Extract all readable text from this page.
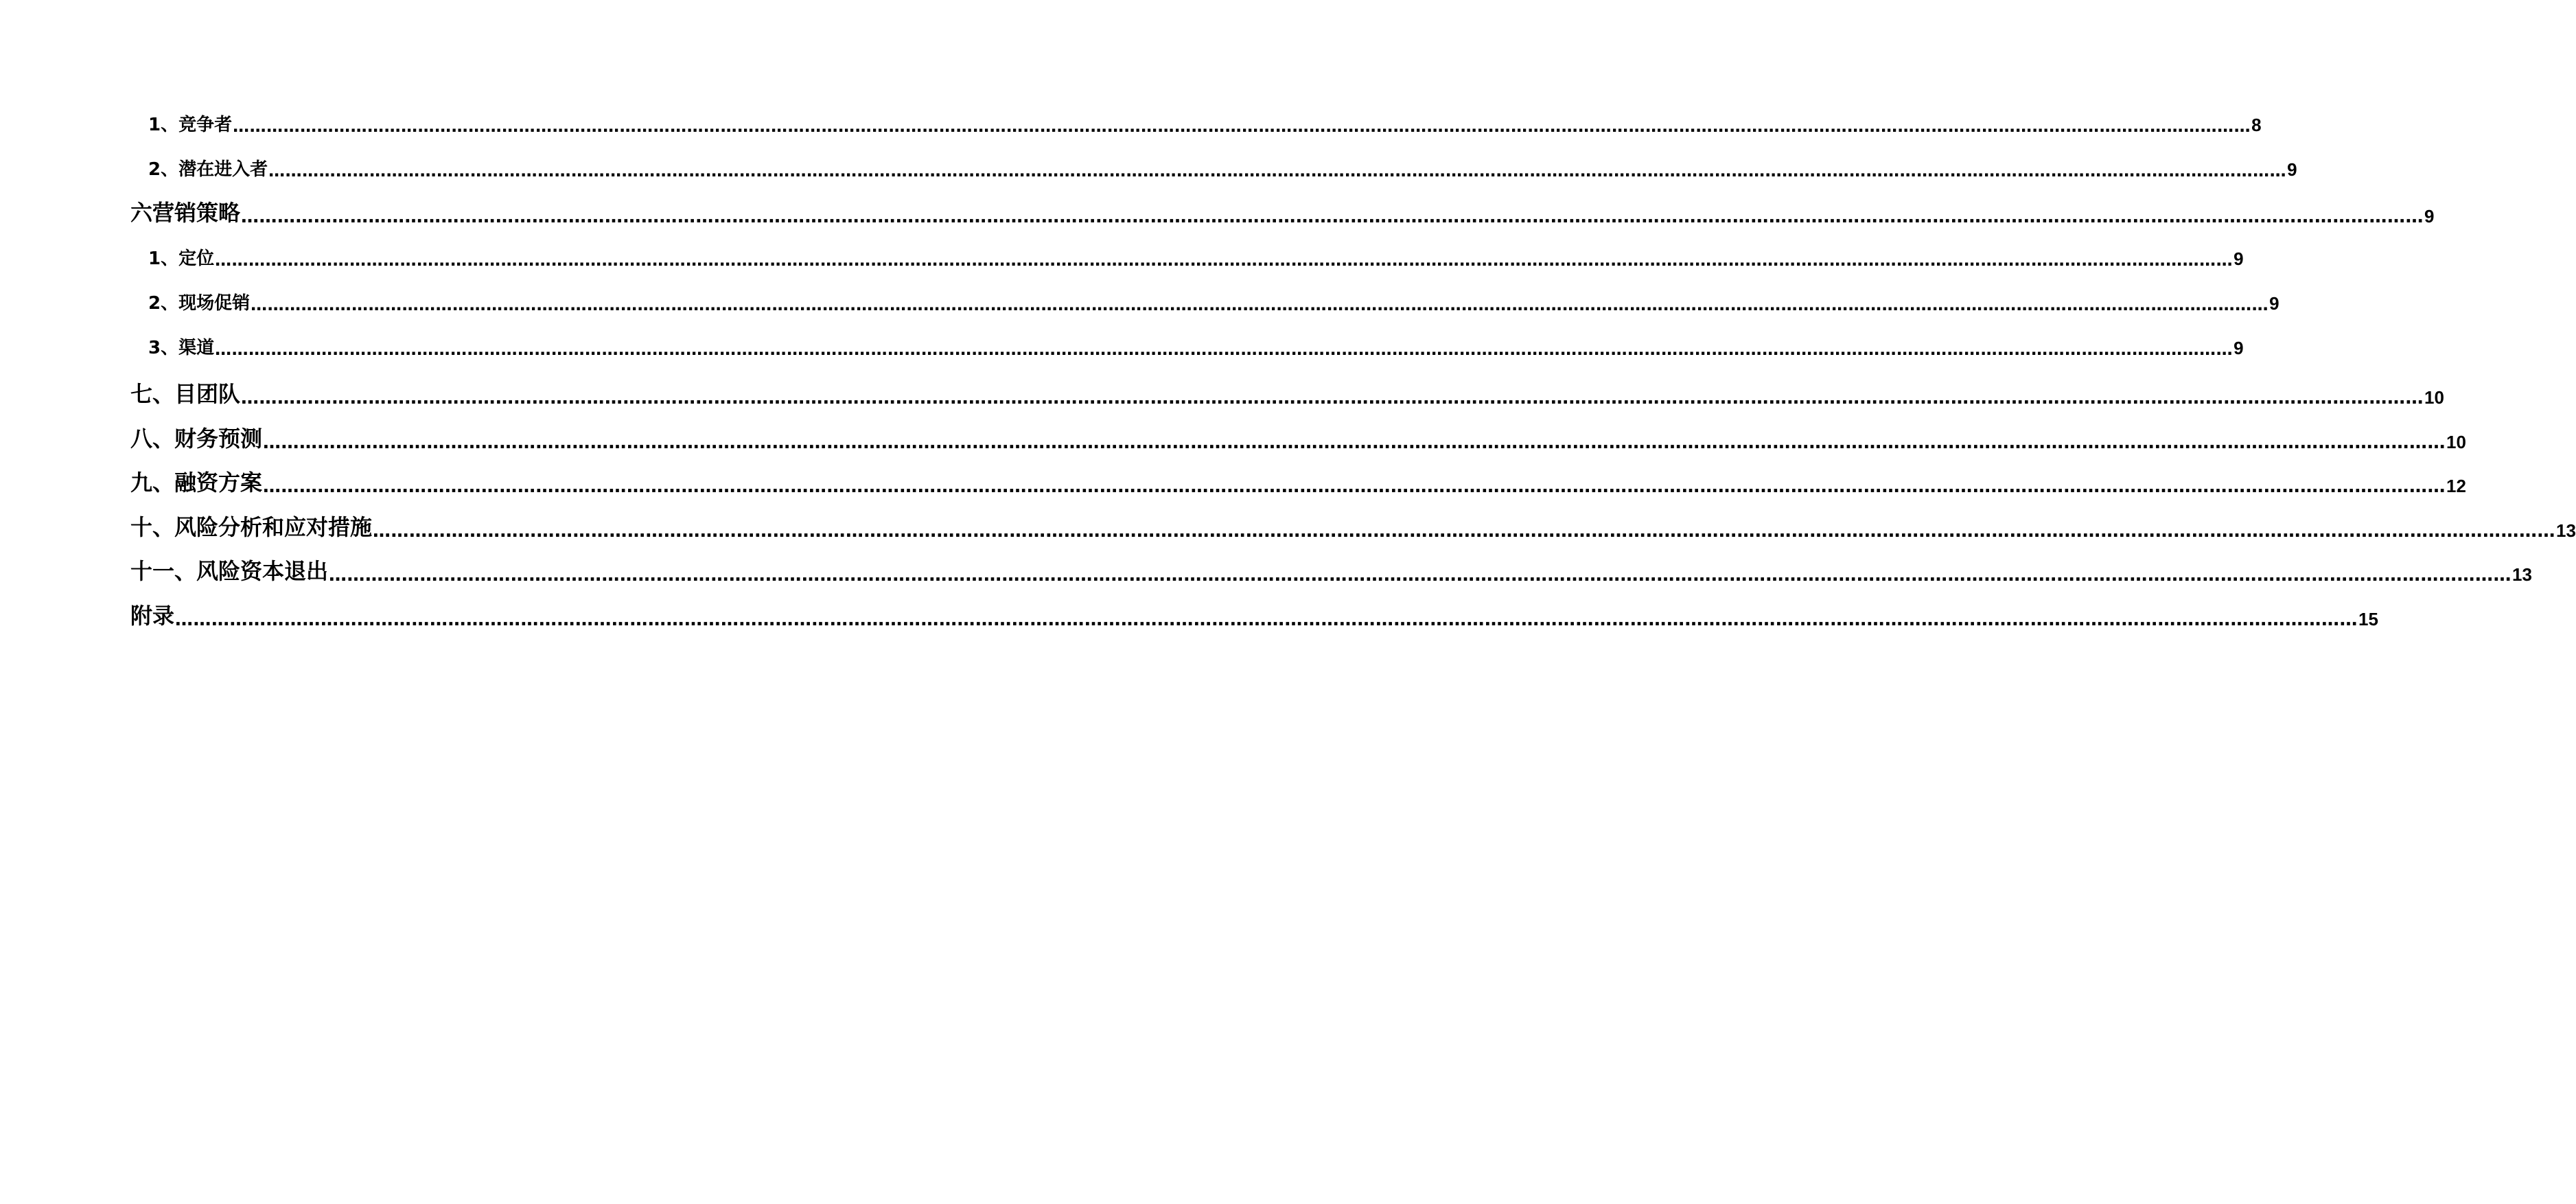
1、竞争者 ……………………………………………………………………………………………………………………………………………………………………………………………………………………………………………………………………………………………………………………………… 8
2、潜在进入者 ……………………………………………………………………………………………………………………………………………………………………………………………………………………………………………………………………………………………………………………………… 9
六营销策略 ……………………………………………………………………………………………………………………………………………………………………………………………………………………………………………………………………………………………………………………………… 9
1、定位 ……………………………………………………………………………………………………………………………………………………………………………………………………………………………………………………………………………………………………………………………… 9
2、现场促销 ……………………………………………………………………………………………………………………………………………………………………………………………………………………………………………………………………………………………………………………………… 9
3、渠道 ……………………………………………………………………………………………………………………………………………………………………………………………………………………………………………………………………………………………………………………………… 9
七、目团队 ……………………………………………………………………………………………………………………………………………………………………………………………………………………………………………………………………………………………………………………………… 10
八、财务预测 ……………………………………………………………………………………………………………………………………………………………………………………………………………………………………………………………………………………………………………………………… 10
九、融资方案 ……………………………………………………………………………………………………………………………………………………………………………………………………………………………………………………………………………………………………………………………… 12
十、风险分析和应对措施 ……………………………………………………………………………………………………………………………………………………………………………………………………………………………………………………………………………………………………………………………… 13
十一、风险资本退出 ……………………………………………………………………………………………………………………………………………………………………………………………………………………………………………………………………………………………………………………………… 13
附录 ……………………………………………………………………………………………………………………………………………………………………………………………………………………………………………………………………………………………………………………………… 15
